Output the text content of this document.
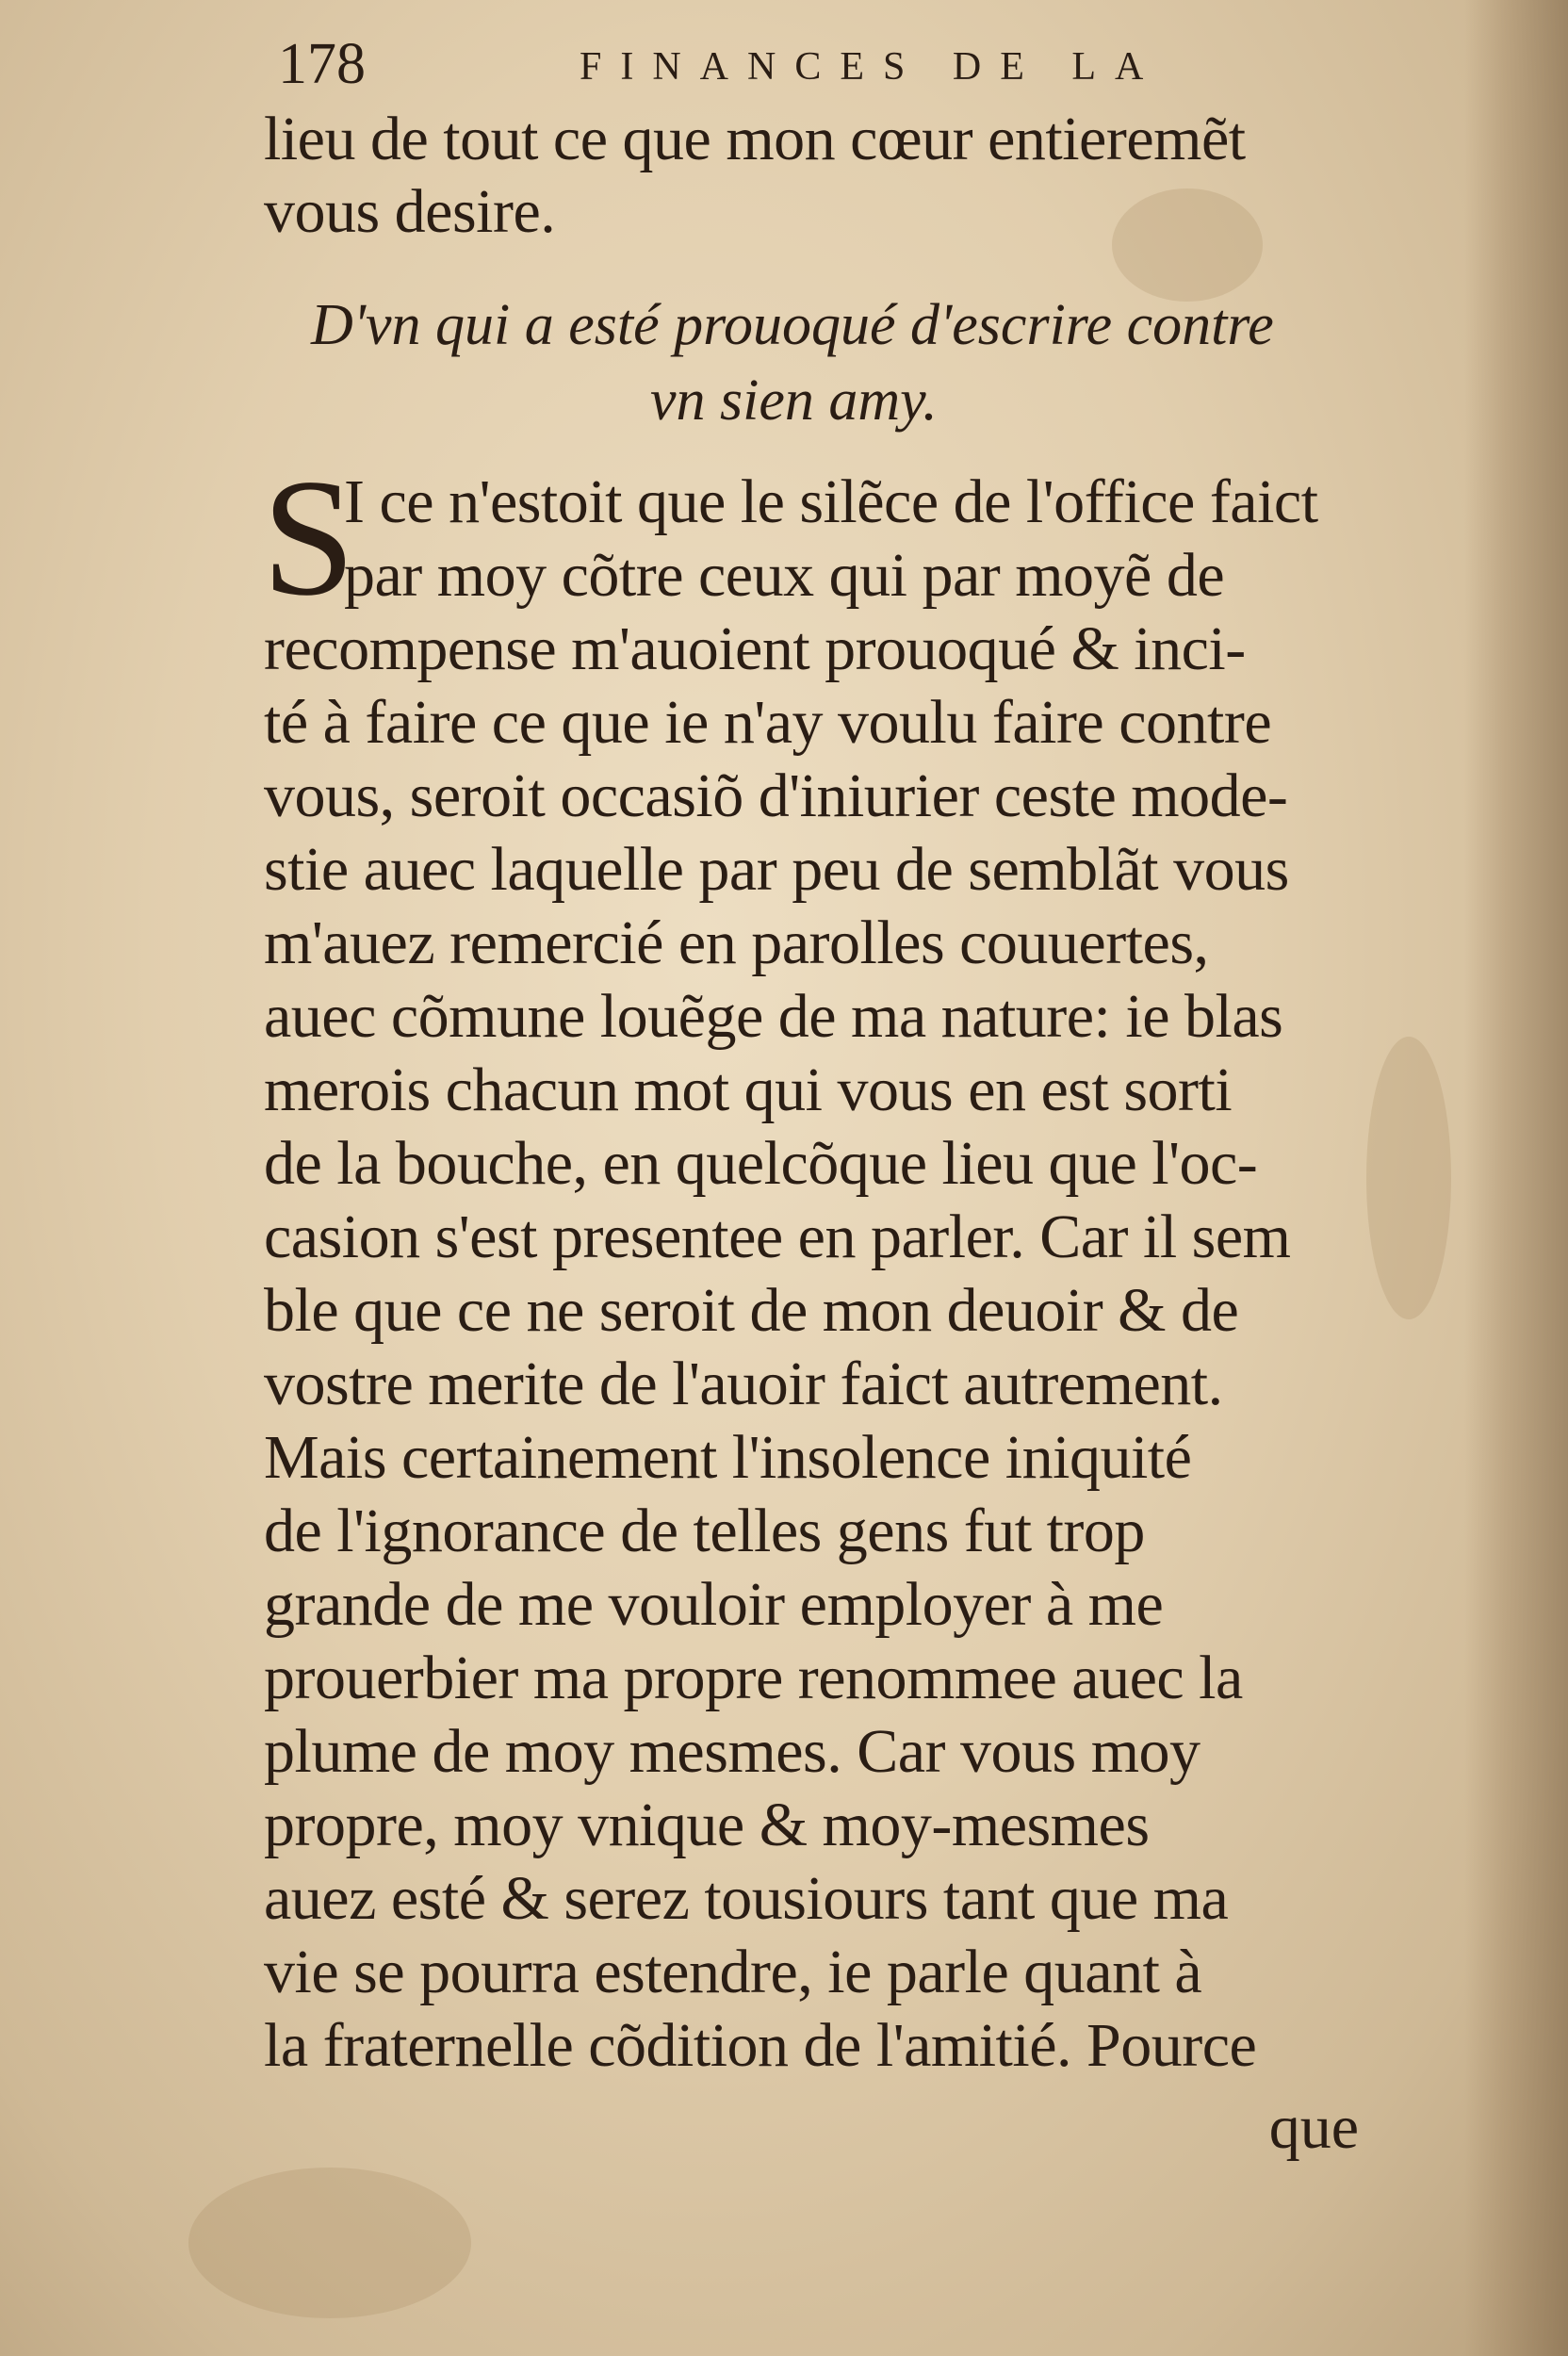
178	FINANCES DE LA
lieu de tout ce que mon cœur entieremẽt
vous desire.
D'vn qui a esté prouoqué d'escrire contre
vn sien amy.
S
I ce n'estoit que le silẽce de l'office faict
par moy cõtre ceux qui par moyẽ de
recompense m'auoient prouoqué & inci-
té à faire ce que ie n'ay voulu faire contre
vous, seroit occasiõ d'iniurier ceste mode-
stie auec laquelle par peu de semblãt vous
m'auez remercié en parolles couuertes,
auec cõmune louẽge de ma nature: ie blas
merois chacun mot qui vous en est sorti
de la bouche, en quelcõque lieu que l'oc-
casion s'est presentee en parler. Car il sem
ble que ce ne seroit de mon deuoir & de
vostre merite de l'auoir faict autrement.
Mais certainement l'insolence iniquité
de l'ignorance de telles gens fut trop
grande de me vouloir employer à me
prouerbier ma propre renommee auec la
plume de moy mesmes. Car vous moy
propre, moy vnique & moy-mesmes
auez esté & serez tousiours tant que ma
vie se pourra estendre, ie parle quant à
la fraternelle cõdition de l'amitié. Pource
que
